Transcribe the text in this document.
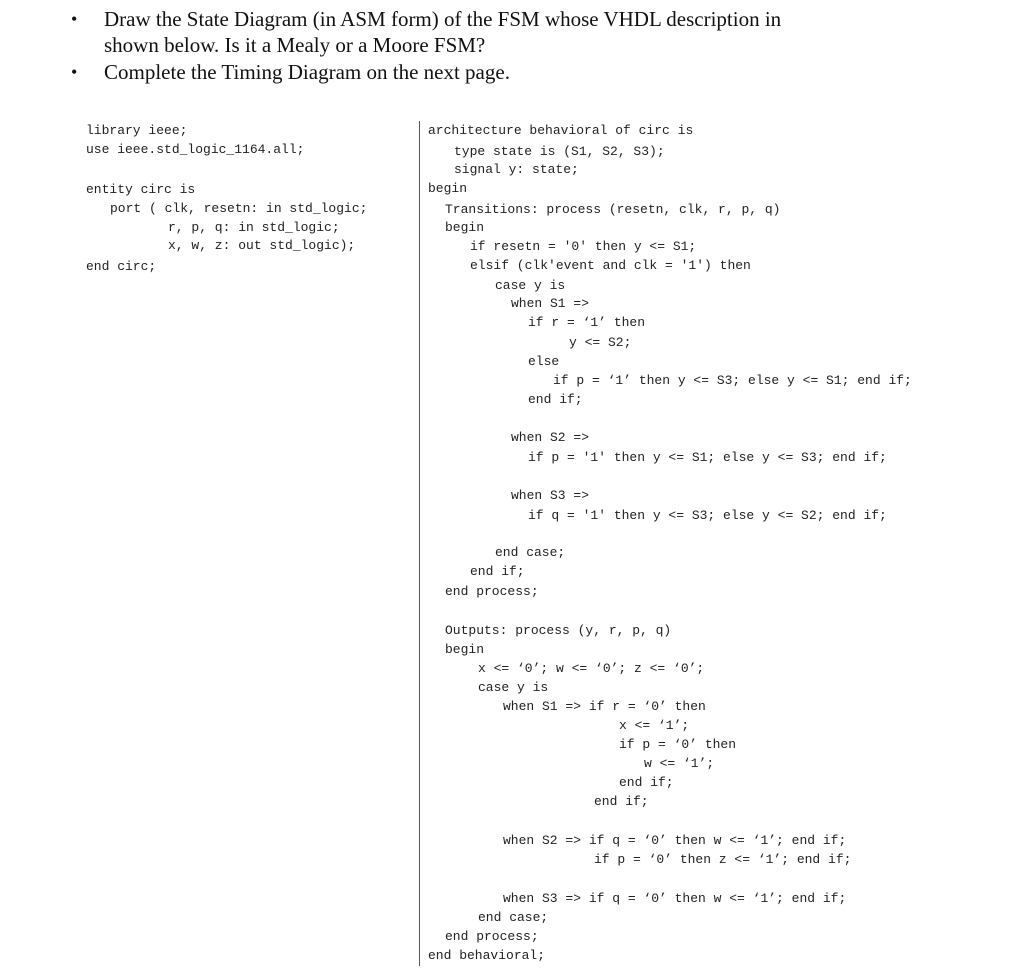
• Draw the State Diagram (in ASM form) of the FSM whose VHDL description in
shown below. Is it a Mealy or a Moore FSM?
• Complete the Timing Diagram on the next page.
library ieee;
use ieee.std_logic_1164.all;
entity circ is
port ( clk, resetn: in std_logic;
r, p, q: in std_logic;
x, w, z: out std_logic);
end circ;
architecture behavioral of circ is
type state is (S1, S2, S3);
signal y: state;
begin
Transitions: process (resetn, clk, r, p, q)
begin
if resetn = '0' then y <= S1;
elsif (clk'event and clk = '1') then
case y is
when S1 =>
if r = ‘1’ then
y <= S2;
else
if p = ‘1’ then y <= S3; else y <= S1; end if;
end if;
when S2 =>
if p = '1' then y <= S1; else y <= S3; end if;
when S3 =>
if q = '1' then y <= S3; else y <= S2; end if;
end case;
end if;
end process;
Outputs: process (y, r, p, q)
begin
x <= ‘0’; w <= ‘0’; z <= ‘0’;
case y is
when S1 => if r = ‘0’ then
x <= ‘1’;
if p = ‘0’ then
w <= ‘1’;
end if;
end if;
when S2 => if q = ‘0’ then w <= ‘1’; end if;
if p = ‘0’ then z <= ‘1’; end if;
when S3 => if q = ‘0’ then w <= ‘1’; end if;
end case;
end process;
end behavioral;
